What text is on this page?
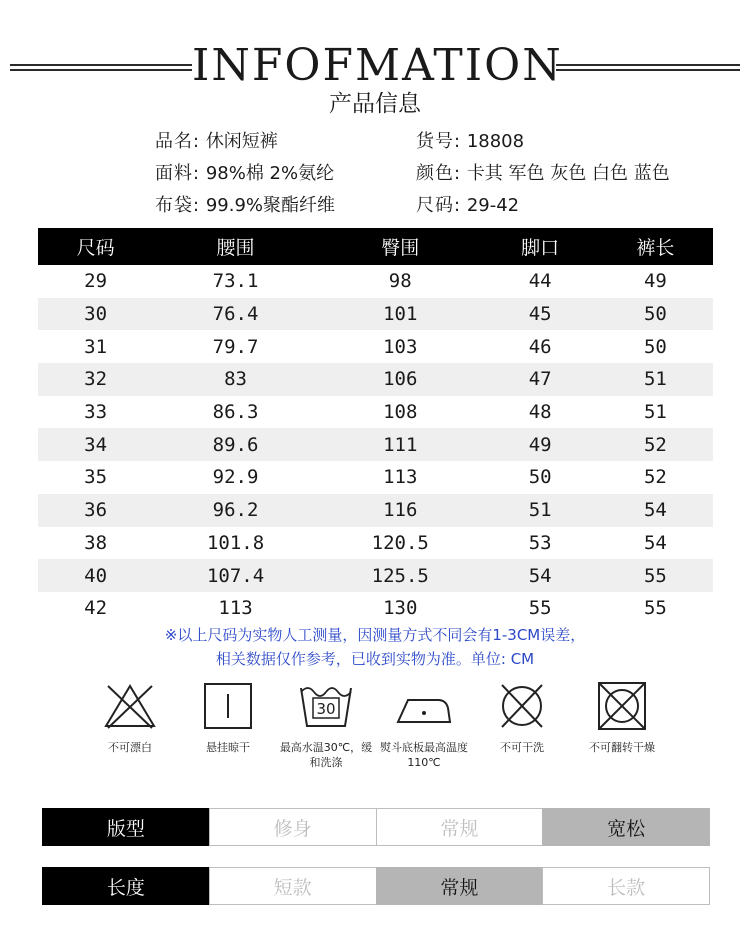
INFOFMATION
产品信息
品名: 休闲短裤	货号: 18808
面料: 98%棉 2%氨纶	颜色: 卡其 军色 灰色 白色 蓝色
布袋: 99.9%聚酯纤维	尺码: 29-42
尺码	腰围	臀围	脚口	裤长
29	73.1	98	44	49
30	76.4	101	45	50
31	79.7	103	46	50
32	83	106	47	51
33	86.3	108	48	51
34	89.6	111	49	52
35	92.9	113	50	52
36	96.2	116	51	54
38	101.8	120.5	53	54
40	107.4	125.5	54	55
42	113	130	55	55
※以上尺码为实物人工测量，因测量方式不同会有1-3CM误差，
相关数据仅作参考，已收到实物为准。单位: CM
不可漂白	悬挂晾干
30
最高水温30℃，缓和洗涤
熨斗底板最高温度110℃
不可干洗	不可翻转干燥
版型	修身	常规	宽松
长度	短款	常规	长款
